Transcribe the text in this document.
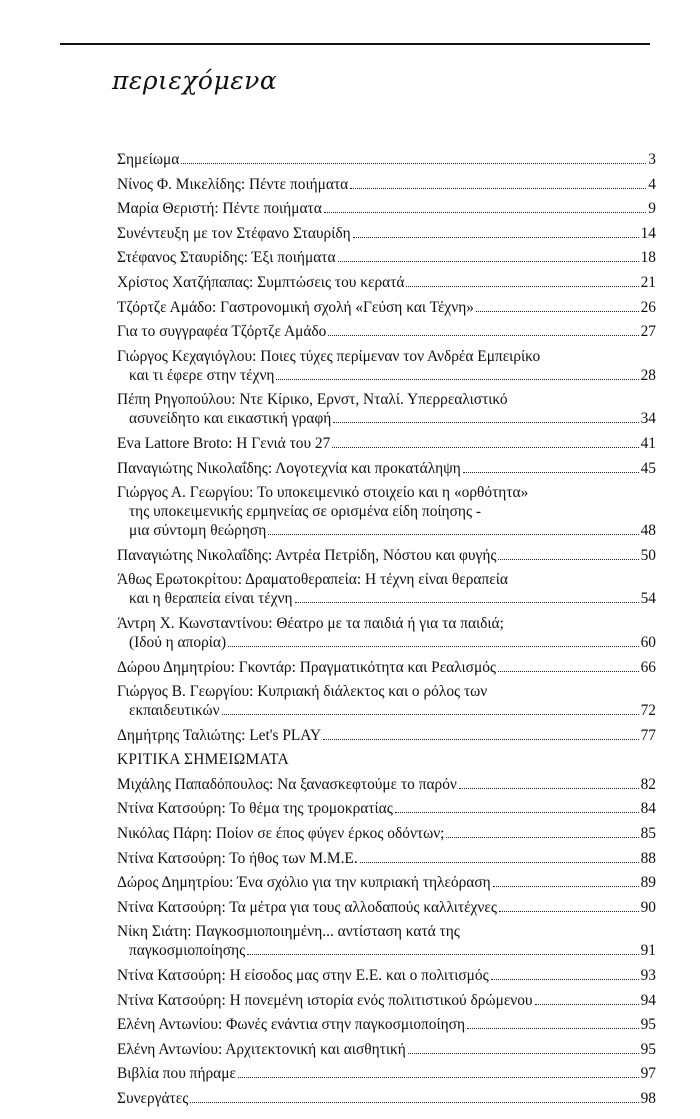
περιεχόμενα
Σημείωμα	3
Νίνος Φ. Μικελίδης: Πέντε ποιήματα	4
Μαρία Θεριστή: Πέντε ποιήματα	9
Συνέντευξη με τον Στέφανο Σταυρίδη	14
Στέφανος Σταυρίδης: Έξι ποιήματα	18
Χρίστος Χατζήπαπας: Συμπτώσεις του κερατά	21
Τζόρτζε Αμάδο: Γαστρονομική σχολή «Γεύση και Τέχνη»	26
Για το συγγραφέα Τζόρτζε Αμάδο	27
Γιώργος Κεχαγιόγλου: Ποιες τύχες περίμεναν τον Ανδρέα Εμπειρίκο
και τι έφερε στην τέχνη	28
Πέπη Ρηγοπούλου: Ντε Κίρικο, Ερνστ, Νταλί. Υπερρεαλιστικό
ασυνείδητο και εικαστική γραφή	34
Eva Lattore Broto: Η Γενιά του 27	41
Παναγιώτης Νικολαΐδης: Λογοτεχνία και προκατάληψη	45
Γιώργος Α. Γεωργίου: Το υποκειμενικό στοιχείο και η «ορθότητα»
της υποκειμενικής ερμηνείας σε ορισμένα είδη ποίησης -
μια σύντομη θεώρηση	48
Παναγιώτης Νικολαΐδης: Αντρέα Πετρίδη, Νόστου και φυγής	50
Άθως Ερωτοκρίτου: Δραματοθεραπεία: Η τέχνη είναι θεραπεία
και η θεραπεία είναι τέχνη	54
Άντρη Χ. Κωνσταντίνου: Θέατρο με τα παιδιά ή για τα παιδιά;
(Ιδού η απορία)	60
Δώρου Δημητρίου: Γκοντάρ: Πραγματικότητα και Ρεαλισμός	66
Γιώργος Β. Γεωργίου: Κυπριακή διάλεκτος και ο ρόλος των
εκπαιδευτικών	72
Δημήτρης Ταλιώτης: Let's PLAY	77
ΚΡΙΤΙΚΑ ΣΗΜΕΙΩΜΑΤΑ
Μιχάλης Παπαδόπουλος: Να ξανασκεφτούμε το παρόν	82
Ντίνα Κατσούρη: Το θέμα της τρομοκρατίας	84
Νικόλας Πάρη: Ποίον σε έπος φύγεν έρκος οδόντων;	85
Ντίνα Κατσούρη: Το ήθος των Μ.Μ.Ε.	88
Δώρος Δημητρίου: Ένα σχόλιο για την κυπριακή τηλεόραση	89
Ντίνα Κατσούρη: Τα μέτρα για τους αλλοδαπούς καλλιτέχνες	90
Νίκη Σιάτη: Παγκοσμιοποιημένη... αντίσταση κατά της
παγκοσμιοποίησης	91
Ντίνα Κατσούρη: Η είσοδος μας στην Ε.Ε. και ο πολιτισμός	93
Ντίνα Κατσούρη: Η πονεμένη ιστορία ενός πολιτιστικού δρώμενου	94
Ελένη Αντωνίου: Φωνές ενάντια στην παγκοσμιοποίηση	95
Ελένη Αντωνίου: Αρχιτεκτονική και αισθητική	95
Βιβλία που πήραμε	97
Συνεργάτες	98
